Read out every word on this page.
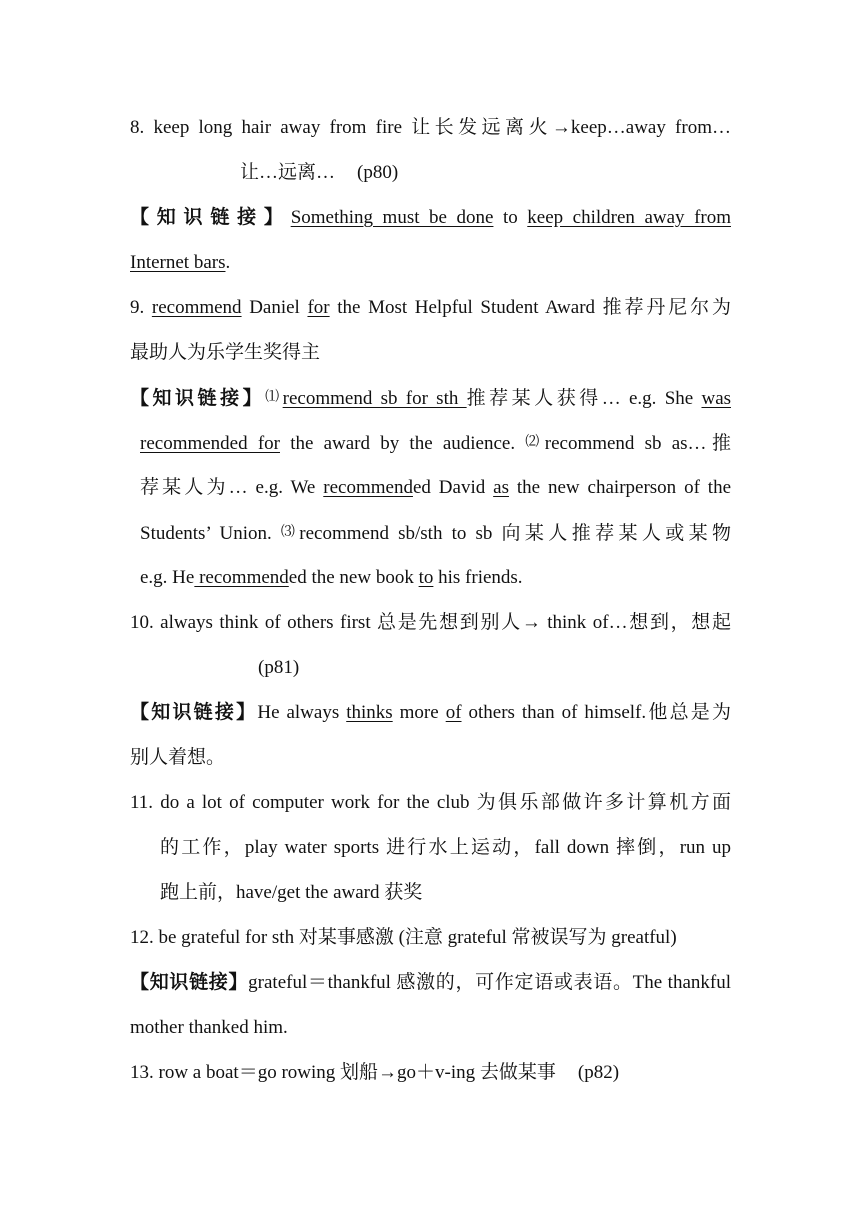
8. keep long hair away from fire 让长发远离火→keep…away from…
让…远离… (p80)
【知识链接】Something must be done to keep children away from
Internet bars.
9. recommend Daniel for the Most Helpful Student Award 推荐丹尼尔为
最助人为乐学生奖得主
【知识链接】⑴recommend sb for sth 推荐某人获得… e.g. She was
recommended for the award by the audience. ⑵recommend sb as…推
荐某人为… e.g. We recommended David as the new chairperson of the
Students’ Union. ⑶recommend sb/sth to sb 向某人推荐某人或某物
e.g. He recommended the new book to his friends.
10. always think of others first 总是先想到别人→ think of…想到，想起
(p81)
【知识链接】He always thinks more of others than of himself.他总是为
别人着想。
11. do a lot of computer work for the club 为俱乐部做许多计算机方面
的工作，play water sports 进行水上运动，fall down 摔倒，run up
跑上前，have/get the award 获奖
12. be grateful for sth 对某事感激 (注意 grateful 常被误写为 greatful)
【知识链接】grateful＝thankful 感激的，可作定语或表语。The thankful
mother thanked him.
13. row a boat＝go rowing 划船→go＋v-ing 去做某事 (p82)
